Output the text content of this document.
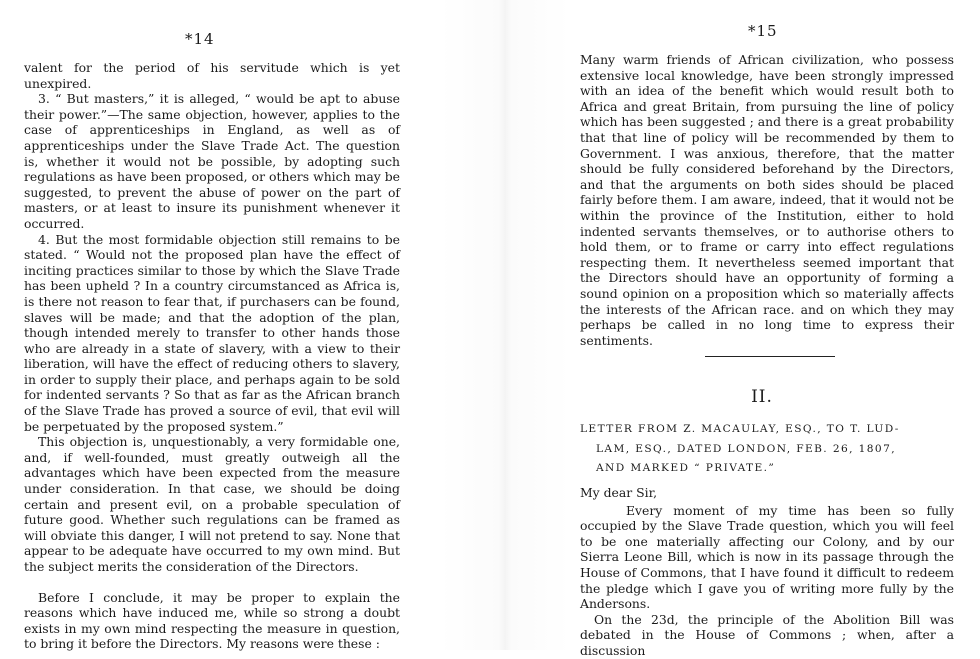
*14

valent for the period of his servitude which is yet unexpired.

3. “ But masters,” it is alleged, “ would be apt to abuse their power.”—The same objection, however, applies to the case of apprenticeships in England, as well as of apprenticeships under the Slave Trade Act. The question is, whether it would not be possible, by adopting such regulations as have been proposed, or others which may be suggested, to prevent the abuse of power on the part of masters, or at least to insure its punishment whenever it occurred.

4. But the most formidable objection still remains to be stated. “ Would not the proposed plan have the effect of inciting practices similar to those by which the Slave Trade has been upheld ? In a country circumstanced as Africa is, is there not reason to fear that, if purchasers can be found, slaves will be made; and that the adoption of the plan, though intended merely to transfer to other hands those who are already in a state of slavery, with a view to their liberation, will have the effect of reducing others to slavery, in order to supply their place, and perhaps again to be sold for indented servants ? So that as far as the African branch of the Slave Trade has proved a source of evil, that evil will be perpetuated by the proposed system.”

This objection is, unquestionably, a very formidable one, and, if well-founded, must greatly outweigh all the advantages which have been expected from the measure under consideration. In that case, we should be doing certain and present evil, on a probable speculation of future good. Whether such regulations can be framed as will obviate this danger, I will not pretend to say. None that appear to be adequate have occurred to my own mind. But the subject merits the consideration of the Directors.

Before I conclude, it may be proper to explain the reasons which have induced me, while so strong a doubt exists in my own mind respecting the measure in question, to bring it before the Directors. My reasons were these :

*15

Many warm friends of African civilization, who possess extensive local knowledge, have been strongly impressed with an idea of the benefit which would result both to Africa and great Britain, from pursuing the line of policy which has been suggested ; and there is a great probability that that line of policy will be recommended by them to Government. I was anxious, therefore, that the matter should be fully considered beforehand by the Directors, and that the arguments on both sides should be placed fairly before them. I am aware, indeed, that it would not be within the province of the Institution, either to hold indented servants themselves, or to authorise others to hold them, or to frame or carry into effect regulations respecting them. It nevertheless seemed important that the Directors should have an opportunity of forming a sound opinion on a proposition which so materially affects the interests of the African race. and on which they may perhaps be called in no long time to express their sentiments.

II.

LETTER FROM Z. MACAULAY, ESQ., TO T. LUD-
LAM, ESQ., DATED LONDON, FEB. 26, 1807,
AND MARKED “ PRIVATE.”

My dear Sir,

Every moment of my time has been so fully occupied by the Slave Trade question, which you will feel to be one materially affecting our Colony, and by our Sierra Leone Bill, which is now in its passage through the House of Commons, that I have found it difficult to redeem the pledge which I gave you of writing more fully by the Andersons.

On the 23d, the principle of the Abolition Bill was debated in the House of Commons ; when, after a discussion
